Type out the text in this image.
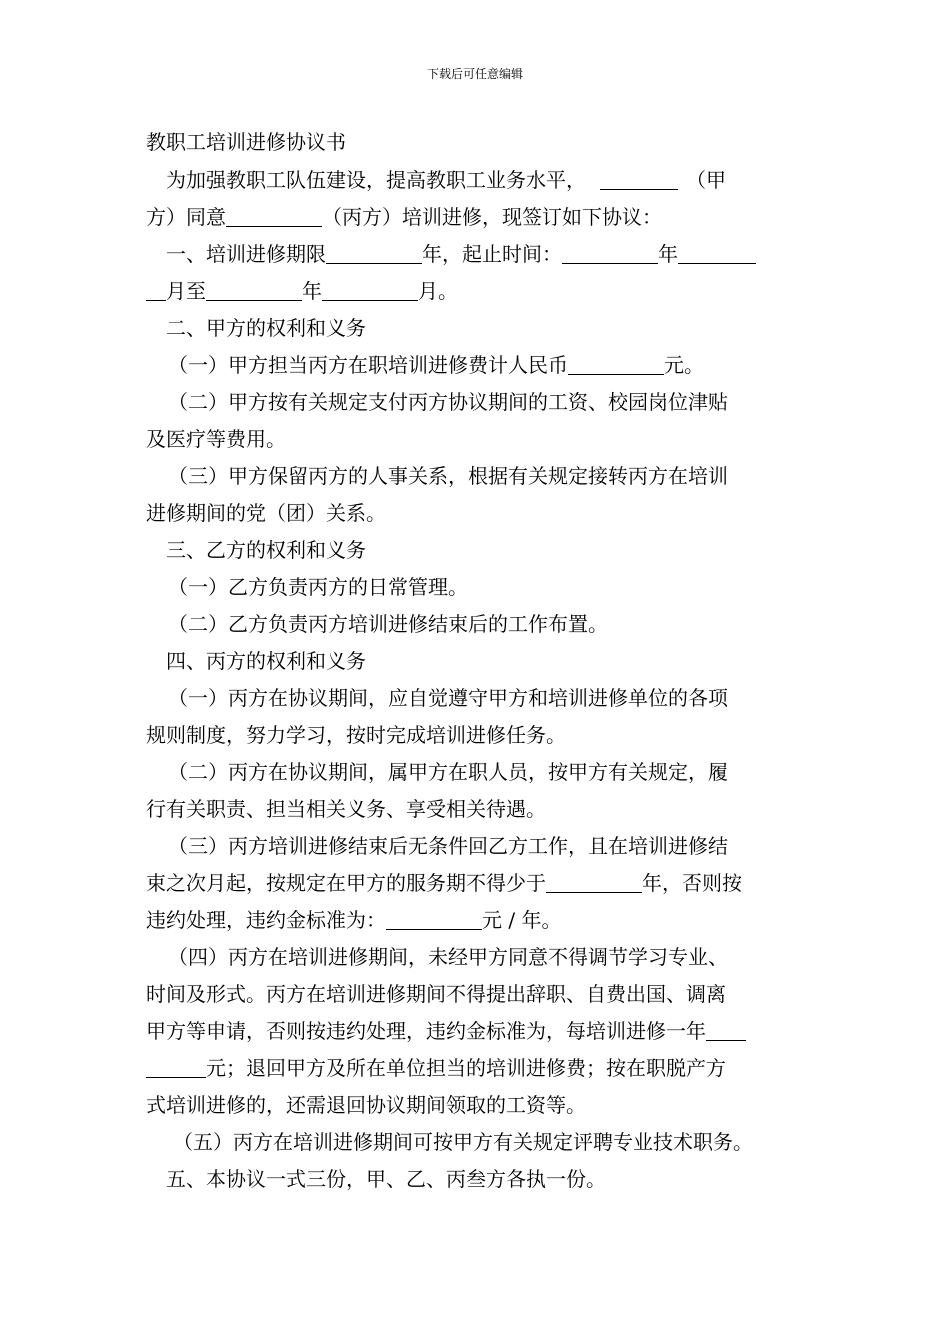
下载后可任意编辑

教职工培训进修协议书

为加强教职工队伍建设，提高教职工业务水平，	（甲

方）同意	（丙方）培训进修，现签订如下协议：

一、培训进修期限	年，起止时间：	年

月至	年	月。

二、甲方的权利和义务

（一）甲方担当丙方在职培训进修费计人民币	元。

（二）甲方按有关规定支付丙方协议期间的工资、校园岗位津贴

及医疗等费用。

（三）甲方保留丙方的人事关系，根据有关规定接转丙方在培训

进修期间的党（团）关系。

三、乙方的权利和义务

（一）乙方负责丙方的日常管理。

（二）乙方负责丙方培训进修结束后的工作布置。

四、丙方的权利和义务

（一）丙方在协议期间，应自觉遵守甲方和培训进修单位的各项

规则制度，努力学习，按时完成培训进修任务。

（二）丙方在协议期间，属甲方在职人员，按甲方有关规定，履

行有关职责、担当相关义务、享受相关待遇。

（三）丙方培训进修结束后无条件回乙方工作，且在培训进修结

束之次月起，按规定在甲方的服务期不得少于	年，否则按

违约处理，违约金标准为：	元 / 年。

（四）丙方在培训进修期间，未经甲方同意不得调节学习专业、

时间及形式。丙方在培训进修期间不得提出辞职、自费出国、调离

甲方等申请，否则按违约处理，违约金标准为，每培训进修一年

元；退回甲方及所在单位担当的培训进修费；按在职脱产方

式培训进修的，还需退回协议期间领取的工资等。

（五）丙方在培训进修期间可按甲方有关规定评聘专业技术职务。

五、本协议一式三份，甲、乙、丙叁方各执一份。
